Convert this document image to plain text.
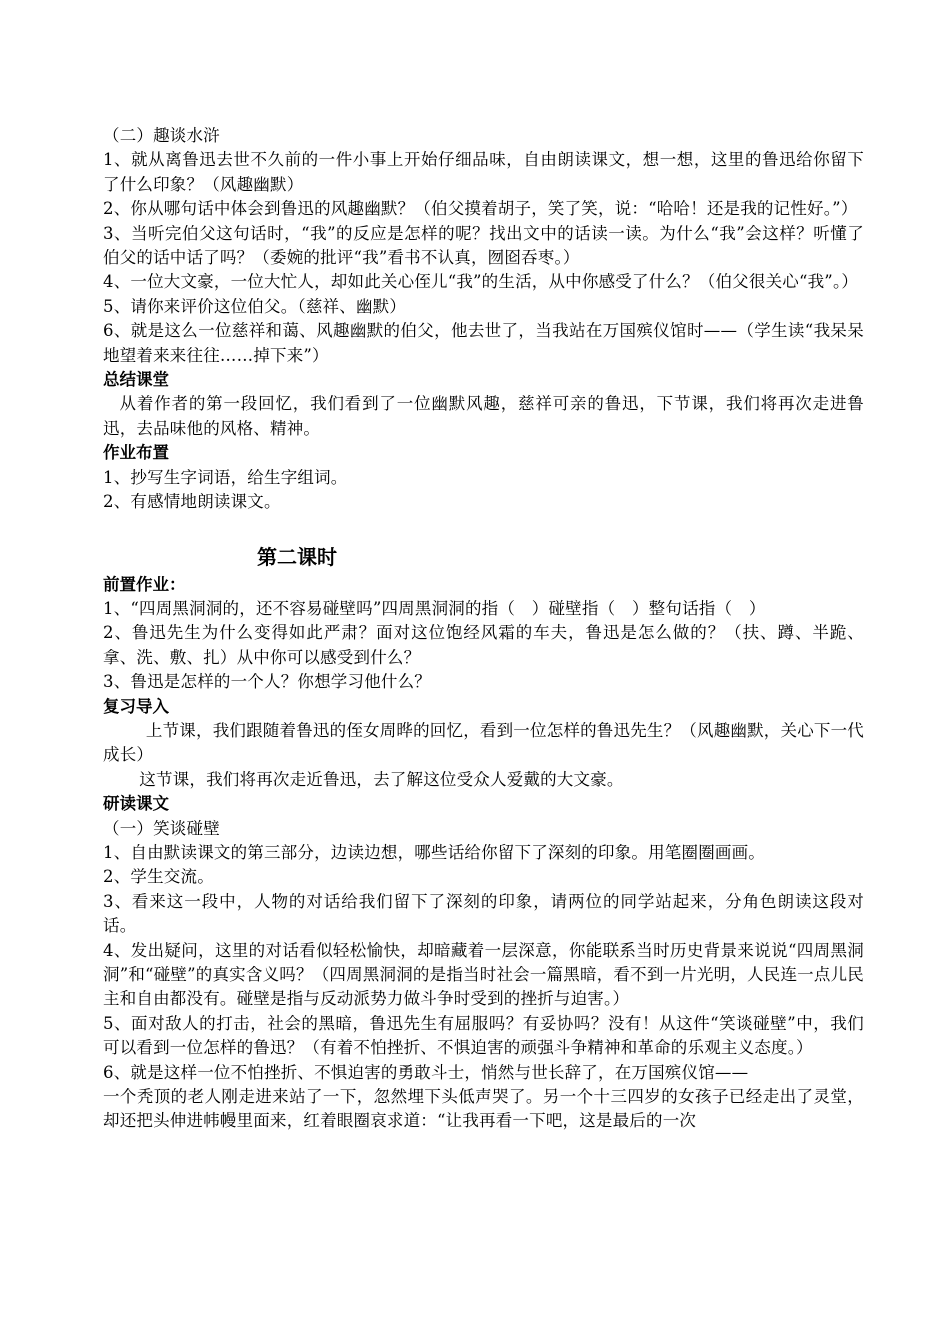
（二）趣谈水浒

1、就从离鲁迅去世不久前的一件小事上开始仔细品味，自由朗读课文，想一想，这里的鲁迅给你留下了什么印象？（风趣幽默）

2、你从哪句话中体会到鲁迅的风趣幽默？（伯父摸着胡子，笑了笑，说：“哈哈！还是我的记性好。”）

3、当听完伯父这句话时，“我”的反应是怎样的呢？找出文中的话读一读。为什么“我”会这样？听懂了伯父的话中话了吗？（委婉的批评“我”看书不认真，囫囵吞枣。）

4、一位大文豪，一位大忙人，却如此关心侄儿“我”的生活，从中你感受了什么？（伯父很关心“我”。）

5、请你来评价这位伯父。（慈祥、幽默）

6、就是这么一位慈祥和蔼、风趣幽默的伯父，他去世了，当我站在万国殡仪馆时——（学生读“我呆呆地望着来来往往……掉下来”）

总结课堂

从着作者的第一段回忆，我们看到了一位幽默风趣，慈祥可亲的鲁迅，下节课，我们将再次走进鲁迅，去品味他的风格、精神。

作业布置

1、抄写生字词语，给生字组词。

2、有感情地朗读课文。

第二课时

前置作业：

1、“四周黑洞洞的，还不容易碰壁吗”四周黑洞洞的指（　）碰壁指（　）整句话指（　）

2、鲁迅先生为什么变得如此严肃？面对这位饱经风霜的车夫，鲁迅是怎么做的？（扶、蹲、半跪、拿、洗、敷、扎）从中你可以感受到什么？

3、鲁迅是怎样的一个人？你想学习他什么？

复习导入

上节课，我们跟随着鲁迅的侄女周晔的回忆，看到一位怎样的鲁迅先生？（风趣幽默，关心下一代成长）

这节课，我们将再次走近鲁迅，去了解这位受众人爱戴的大文豪。

研读课文

（一）笑谈碰壁

1、自由默读课文的第三部分，边读边想，哪些话给你留下了深刻的印象。用笔圈圈画画。

2、学生交流。

3、看来这一段中，人物的对话给我们留下了深刻的印象，请两位的同学站起来，分角色朗读这段对话。

4、发出疑问，这里的对话看似轻松愉快，却暗藏着一层深意，你能联系当时历史背景来说说“四周黑洞洞”和“碰壁”的真实含义吗？（四周黑洞洞的是指当时社会一篇黑暗，看不到一片光明，人民连一点儿民主和自由都没有。碰壁是指与反动派势力做斗争时受到的挫折与迫害。）

5、面对敌人的打击，社会的黑暗，鲁迅先生有屈服吗？有妥协吗？没有！从这件“笑谈碰壁”中，我们可以看到一位怎样的鲁迅？（有着不怕挫折、不惧迫害的顽强斗争精神和革命的乐观主义态度。）

6、就是这样一位不怕挫折、不惧迫害的勇敢斗士，悄然与世长辞了，在万国殡仪馆——

一个秃顶的老人刚走进来站了一下，忽然埋下头低声哭了。另一个十三四岁的女孩子已经走出了灵堂，却还把头伸进帏幔里面来，红着眼圈哀求道：“让我再看一下吧，这是最后的一次
